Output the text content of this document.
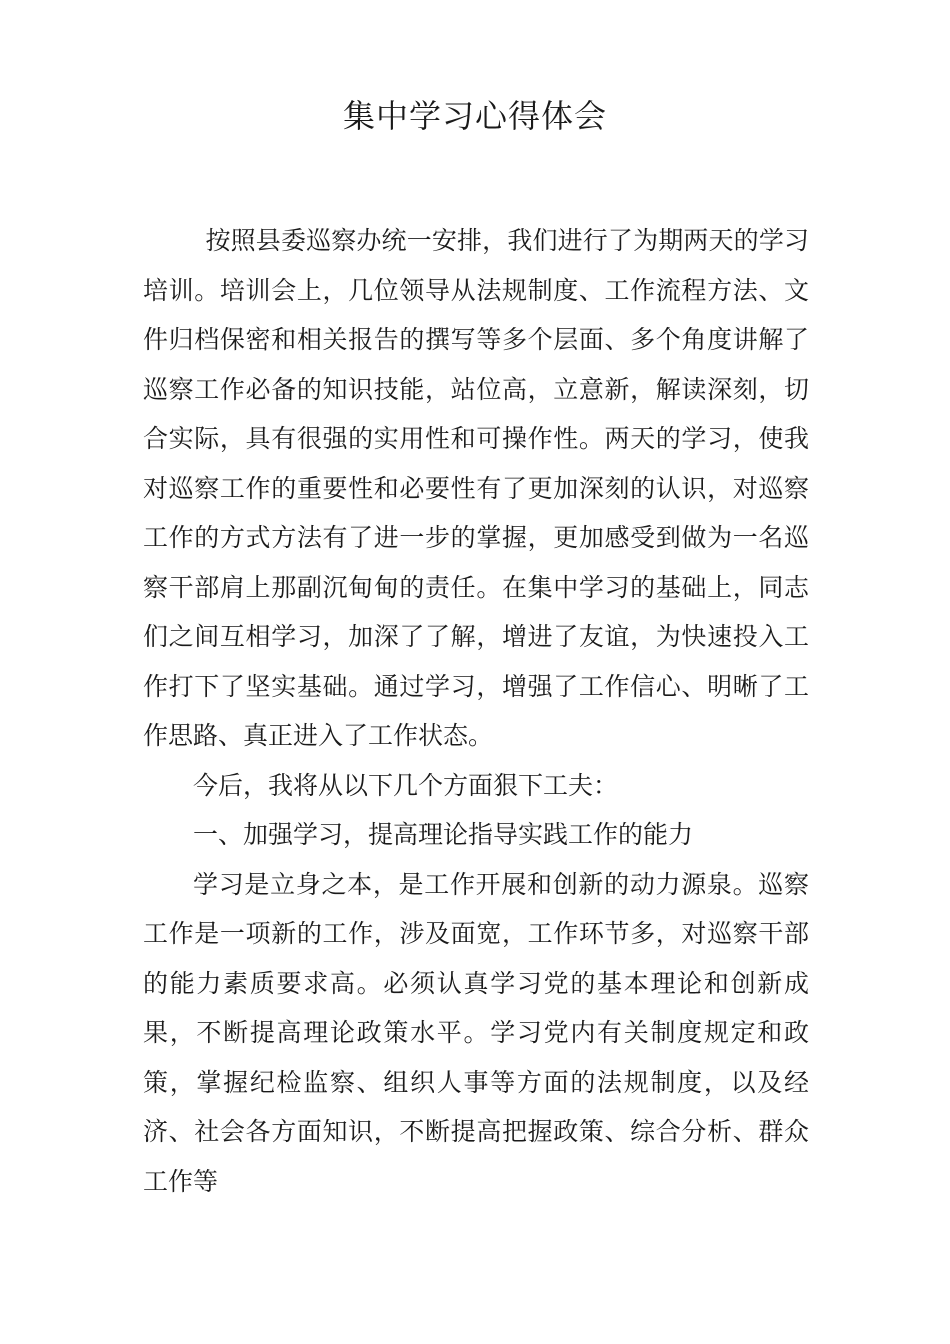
集中学习心得体会

按照县委巡察办统一安排，我们进行了为期两天的学习培训。培训会上，几位领导从法规制度、工作流程方法、文件归档保密和相关报告的撰写等多个层面、多个角度讲解了巡察工作必备的知识技能，站位高，立意新，解读深刻，切合实际，具有很强的实用性和可操作性。两天的学习，使我对巡察工作的重要性和必要性有了更加深刻的认识，对巡察工作的方式方法有了进一步的掌握，更加感受到做为一名巡察干部肩上那副沉甸甸的责任。在集中学习的基础上，同志们之间互相学习，加深了了解，增进了友谊，为快速投入工作打下了坚实基础。通过学习，增强了工作信心、明晰了工作思路、真正进入了工作状态。

今后，我将从以下几个方面狠下工夫：

一、加强学习，提高理论指导实践工作的能力

学习是立身之本，是工作开展和创新的动力源泉。巡察工作是一项新的工作，涉及面宽，工作环节多，对巡察干部的能力素质要求高。必须认真学习党的基本理论和创新成果，不断提高理论政策水平。学习党内有关制度规定和政策，掌握纪检监察、组织人事等方面的法规制度，以及经济、社会各方面知识，不断提高把握政策、综合分析、群众工作等
